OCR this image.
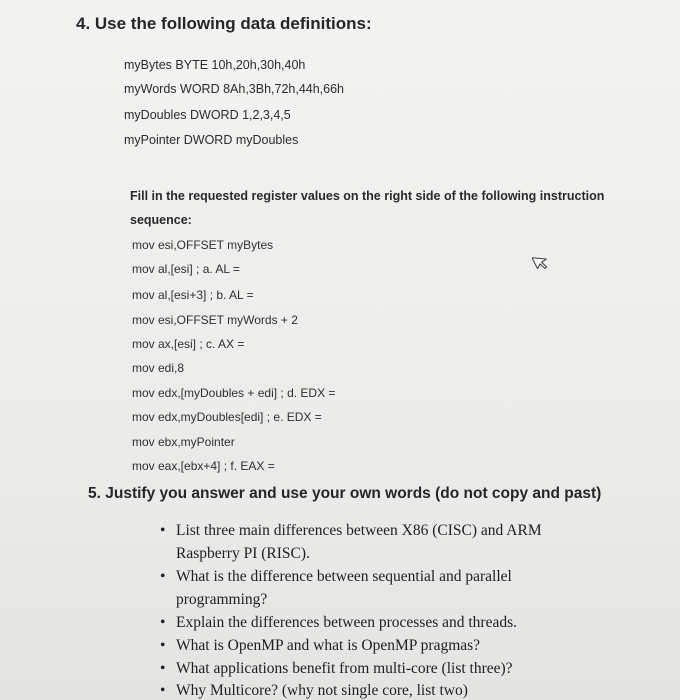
4. Use the following data definitions:
myBytes BYTE 10h,20h,30h,40h
myWords WORD 8Ah,3Bh,72h,44h,66h
myDoubles DWORD 1,2,3,4,5
myPointer DWORD myDoubles
Fill in the requested register values on the right side of the following instruction
sequence:
mov esi,OFFSET myBytes
mov al,[esi] ; a. AL =
mov al,[esi+3] ; b. AL =
mov esi,OFFSET myWords + 2
mov ax,[esi] ; c. AX =
mov edi,8
mov edx,[myDoubles + edi] ; d. EDX =
mov edx,myDoubles[edi] ; e. EDX =
mov ebx,myPointer
mov eax,[ebx+4] ; f. EAX =
5. Justify you answer and use your own words (do not copy and past)
• List three main differences between X86 (CISC) and ARM
Raspberry PI (RISC).
• What is the difference between sequential and parallel
programming?
• Explain the differences between processes and threads.
• What is OpenMP and what is OpenMP pragmas?
• What applications benefit from multi-core (list three)?
• Why Multicore? (why not single core, list two)
